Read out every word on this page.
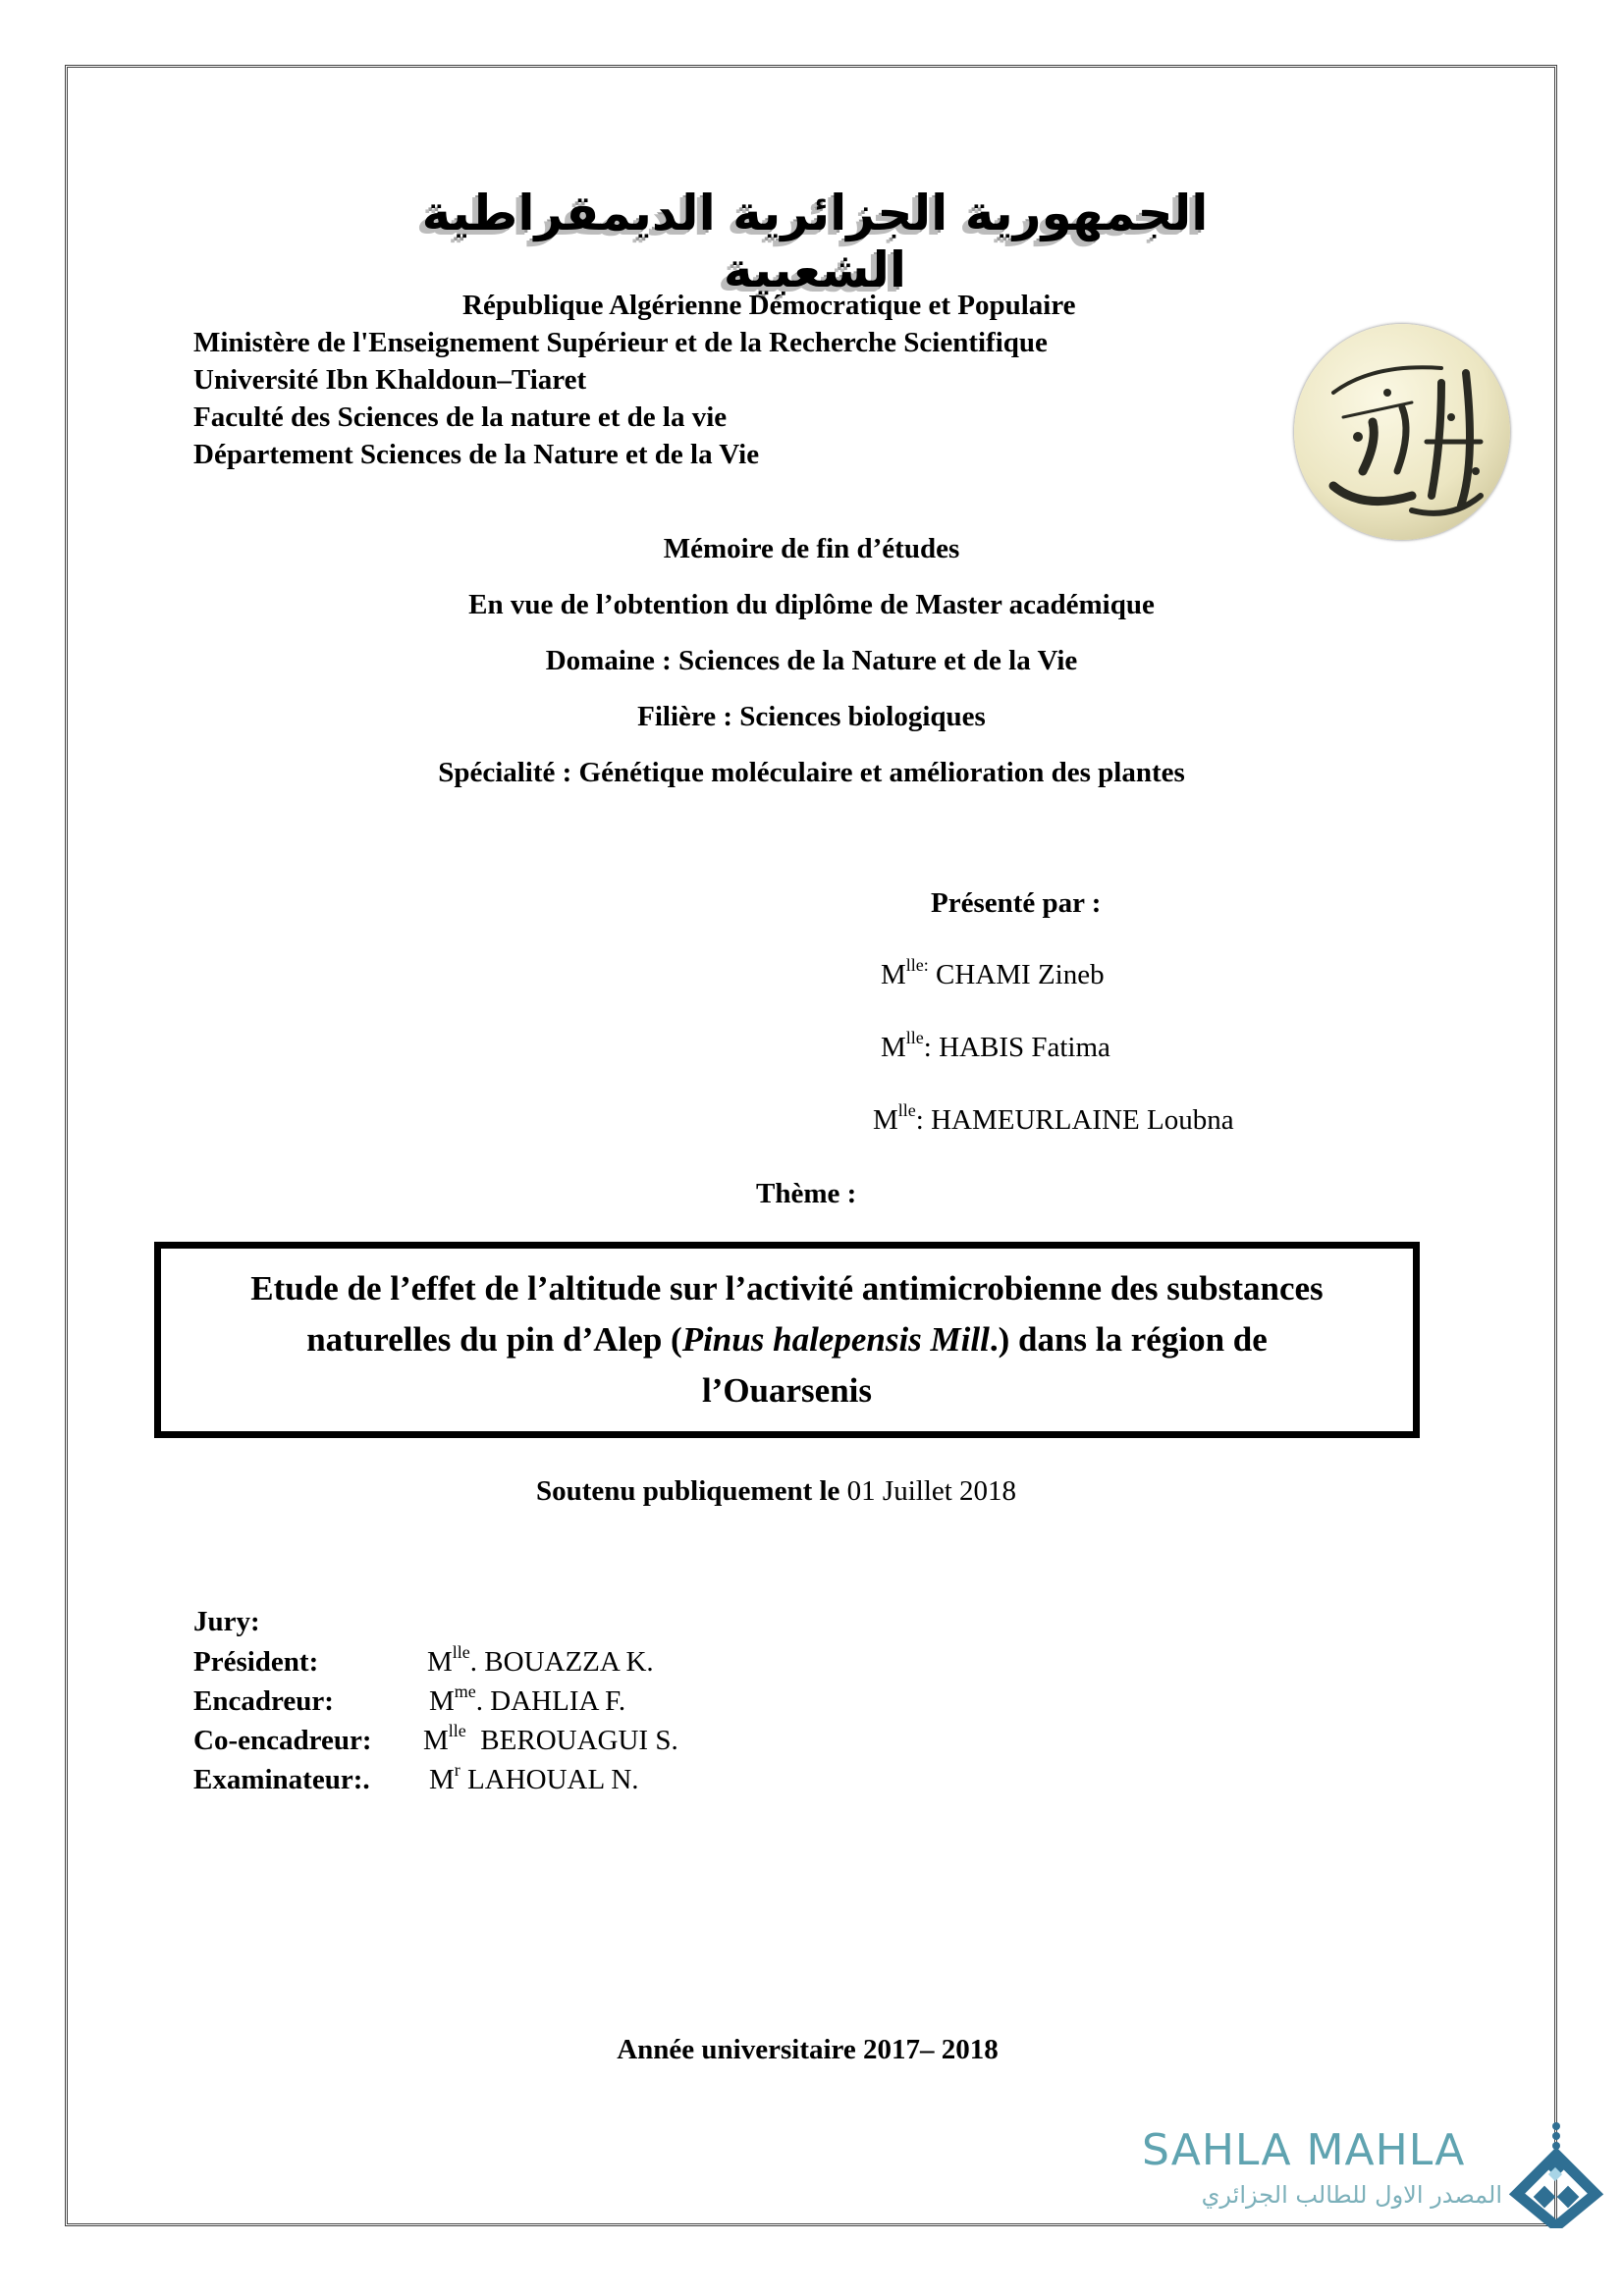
الجمهورية الجزائرية الديمقراطية الشعبية
République Algérienne Démocratique et Populaire
Ministère de l'Enseignement Supérieur et de la Recherche Scientifique
Université Ibn Khaldoun–Tiaret
Faculté des Sciences de la nature et de la vie
Département Sciences de la Nature et de la Vie
Mémoire de fin d’études
En vue de l’obtention du diplôme de Master académique
Domaine : Sciences de la Nature et de la Vie
Filière : Sciences biologiques
Spécialité : Génétique moléculaire et amélioration des plantes
Présenté par :
$M^{lle:}$ CHAMI Zineb
$M^{lle}$: HABIS Fatima
$M^{lle}$: HAMEURLAINE Loubna
Thème :
Etude de l’effet de l’altitude sur l’activité antimicrobienne des substances
naturelles du pin d’Alep (Pinus halepensis Mill.) dans la région de
l’Ouarsenis
Soutenu publiquement le 01 Juillet 2018
Jury:
Président:	$M^{lle}$. BOUAZZA K.
Encadreur:	$M^{me}$. DAHLIA F.
Co-encadreur: $M^{lle}$  BEROUAGUI S.
Examinateur:. $M^r$ LAHOUAL N.
Année universitaire 2017– 2018
SAHLA MAHLA
المصدر الاول للطالب الجزائري
